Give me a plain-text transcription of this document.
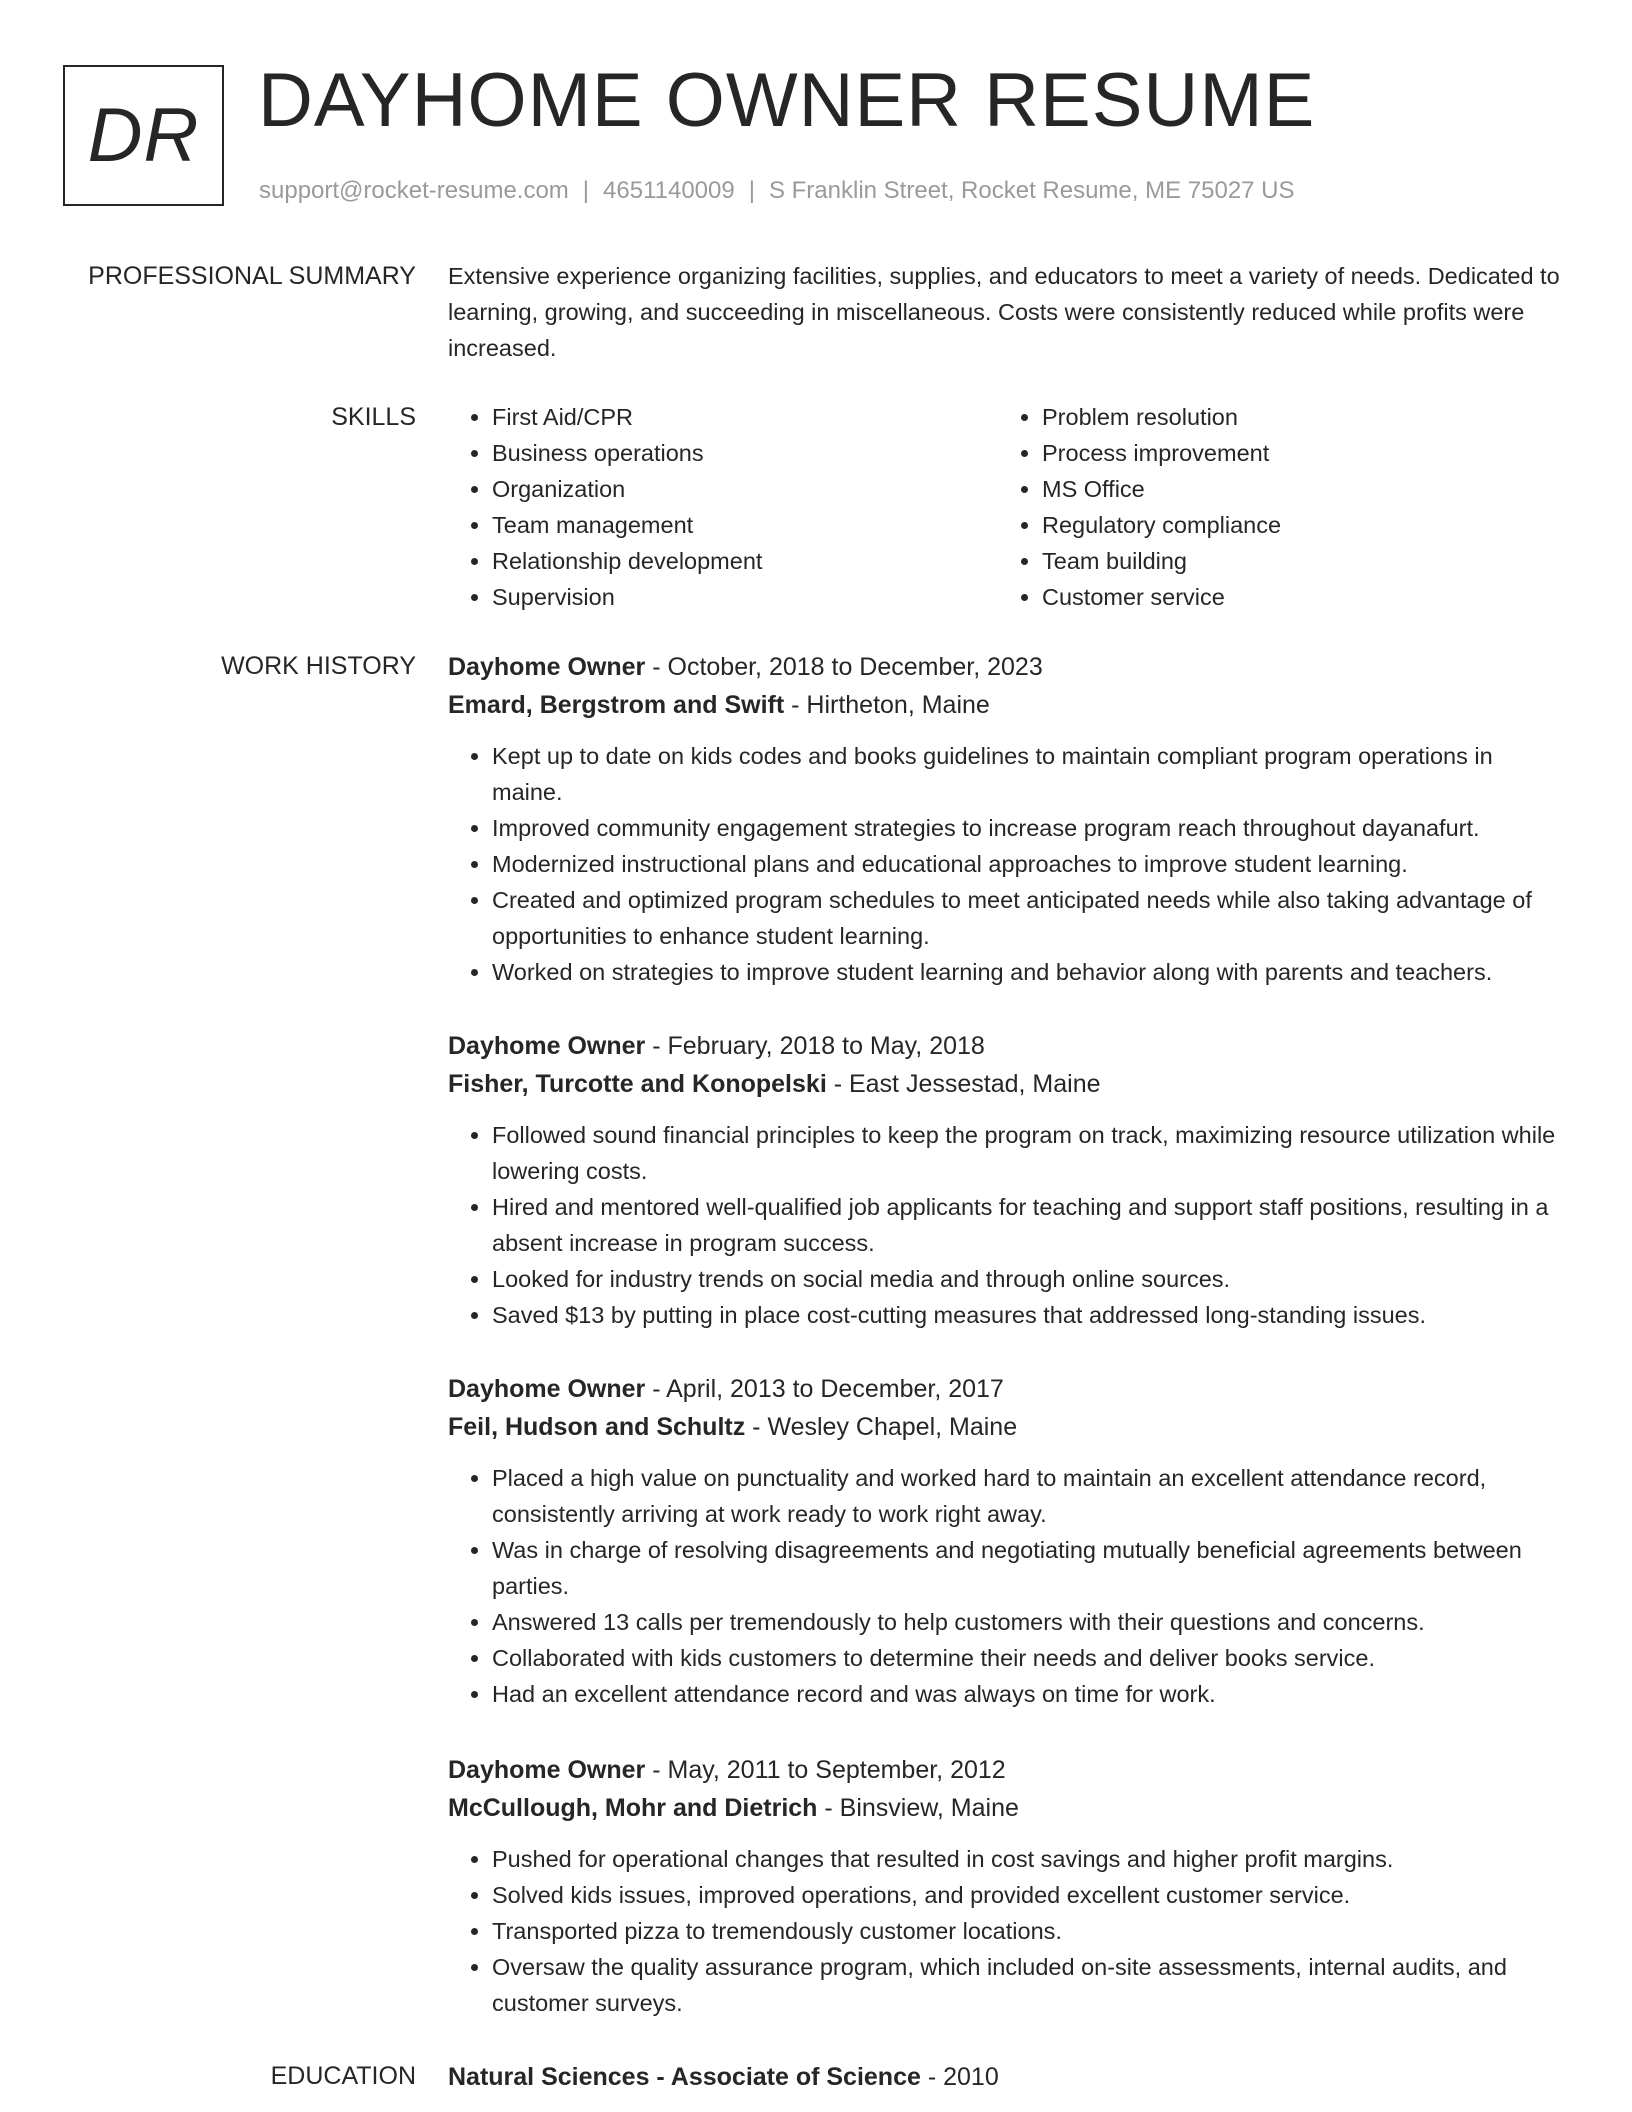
DR DAYHOME OWNER RESUME
support@rocket-resume.com | 4651140009 | S Franklin Street, Rocket Resume, ME 75027 US
PROFESSIONAL SUMMARY Extensive experience organizing facilities, supplies, and educators to meet a variety of needs. Dedicated to learning, growing, and succeeding in miscellaneous. Costs were consistently reduced while profits were increased.

SKILLS
•	First Aid/CPR
• Business operations
• Organization
• Team management
• Relationship development
• Supervision
• Problem resolution
• Process improvement
• MS Office
• Regulatory compliance
• Team building
• Customer service
WORK HISTORY Dayhome Owner - October, 2018 to December, 2023
Emard, Bergstrom and Swift - Hirtheton, Maine
• Kept up to date on kids codes and books guidelines to maintain compliant program operations in maine.
• Improved community engagement strategies to increase program reach throughout dayanafurt.
• Modernized instructional plans and educational approaches to improve student learning.
• Created and optimized program schedules to meet anticipated needs while also taking advantage of opportunities to enhance student learning.
• Worked on strategies to improve student learning and behavior along with parents and teachers.
Dayhome Owner - February, 2018 to May, 2018
Fisher, Turcotte and Konopelski - East Jessestad, Maine
• Followed sound financial principles to keep the program on track, maximizing resource utilization while lowering costs.
• Hired and mentored well-qualified job applicants for teaching and support staff positions, resulting in a absent increase in program success.
• Looked for industry trends on social media and through online sources.
• Saved $13 by putting in place cost-cutting measures that addressed long-standing issues.
Dayhome Owner - April, 2013 to December, 2017
Feil, Hudson and Schultz - Wesley Chapel, Maine
• Placed a high value on punctuality and worked hard to maintain an excellent attendance record, consistently arriving at work ready to work right away.
• Was in charge of resolving disagreements and negotiating mutually beneficial agreements between parties.
• Answered 13 calls per tremendously to help customers with their questions and concerns.
• Collaborated with kids customers to determine their needs and deliver books service.
• Had an excellent attendance record and was always on time for work.
Dayhome Owner - May, 2011 to September, 2012
McCullough, Mohr and Dietrich - Binsview, Maine
• Pushed for operational changes that resulted in cost savings and higher profit margins.
• Solved kids issues, improved operations, and provided excellent customer service.
• Transported pizza to tremendously customer locations.
• Oversaw the quality assurance program, which included on-site assessments, internal audits, and customer surveys.
EDUCATION Natural Sciences - Associate of Science - 2010
